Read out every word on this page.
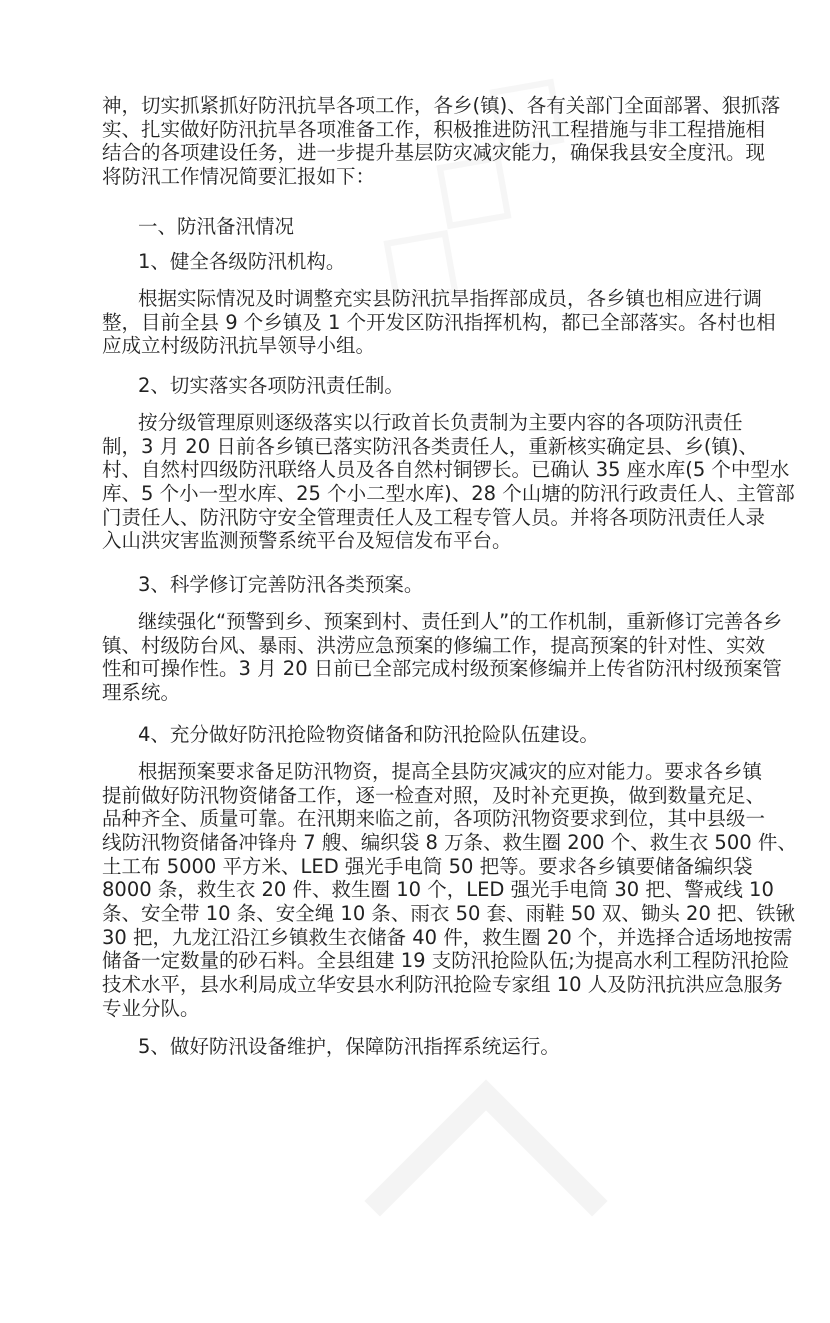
神，切实抓紧抓好防汛抗旱各项工作，各乡(镇)、各有关部门全面部署、狠抓落
实、扎实做好防汛抗旱各项准备工作，积极推进防汛工程措施与非工程措施相
结合的各项建设任务，进一步提升基层防灾减灾能力，确保我县安全度汛。现
将防汛工作情况简要汇报如下：
一、防汛备汛情况
1、健全各级防汛机构。
根据实际情况及时调整充实县防汛抗旱指挥部成员，各乡镇也相应进行调
整，目前全县 9 个乡镇及 1 个开发区防汛指挥机构，都已全部落实。各村也相
应成立村级防汛抗旱领导小组。
2、切实落实各项防汛责任制。
按分级管理原则逐级落实以行政首长负责制为主要内容的各项防汛责任
制，3 月 20 日前各乡镇已落实防汛各类责任人，重新核实确定县、乡(镇)、
村、自然村四级防汛联络人员及各自然村铜锣长。已确认 35 座水库(5 个中型水
库、5 个小一型水库、25 个小二型水库)、28 个山塘的防汛行政责任人、主管部
门责任人、防汛防守安全管理责任人及工程专管人员。并将各项防汛责任人录
入山洪灾害监测预警系统平台及短信发布平台。
3、科学修订完善防汛各类预案。
继续强化“预警到乡、预案到村、责任到人”的工作机制，重新修订完善各乡
镇、村级防台风、暴雨、洪涝应急预案的修编工作，提高预案的针对性、实效
性和可操作性。3 月 20 日前已全部完成村级预案修编并上传省防汛村级预案管
理系统。
4、充分做好防汛抢险物资储备和防汛抢险队伍建设。
根据预案要求备足防汛物资，提高全县防灾减灾的应对能力。要求各乡镇
提前做好防汛物资储备工作，逐一检查对照，及时补充更换，做到数量充足、
品种齐全、质量可靠。在汛期来临之前，各项防汛物资要求到位，其中县级一
线防汛物资储备冲锋舟 7 艘、编织袋 8 万条、救生圈 200 个、救生衣 500 件、
土工布 5000 平方米、LED 强光手电筒 50 把等。要求各乡镇要储备编织袋
8000 条，救生衣 20 件、救生圈 10 个，LED 强光手电筒 30 把、警戒线 10
条、安全带 10 条、安全绳 10 条、雨衣 50 套、雨鞋 50 双、锄头 20 把、铁锹
30 把，九龙江沿江乡镇救生衣储备 40 件，救生圈 20 个，并选择合适场地按需
储备一定数量的砂石料。全县组建 19 支防汛抢险队伍;为提高水利工程防汛抢险
技术水平，县水利局成立华安县水利防汛抢险专家组 10 人及防汛抗洪应急服务
专业分队。
5、做好防汛设备维护，保障防汛指挥系统运行。
